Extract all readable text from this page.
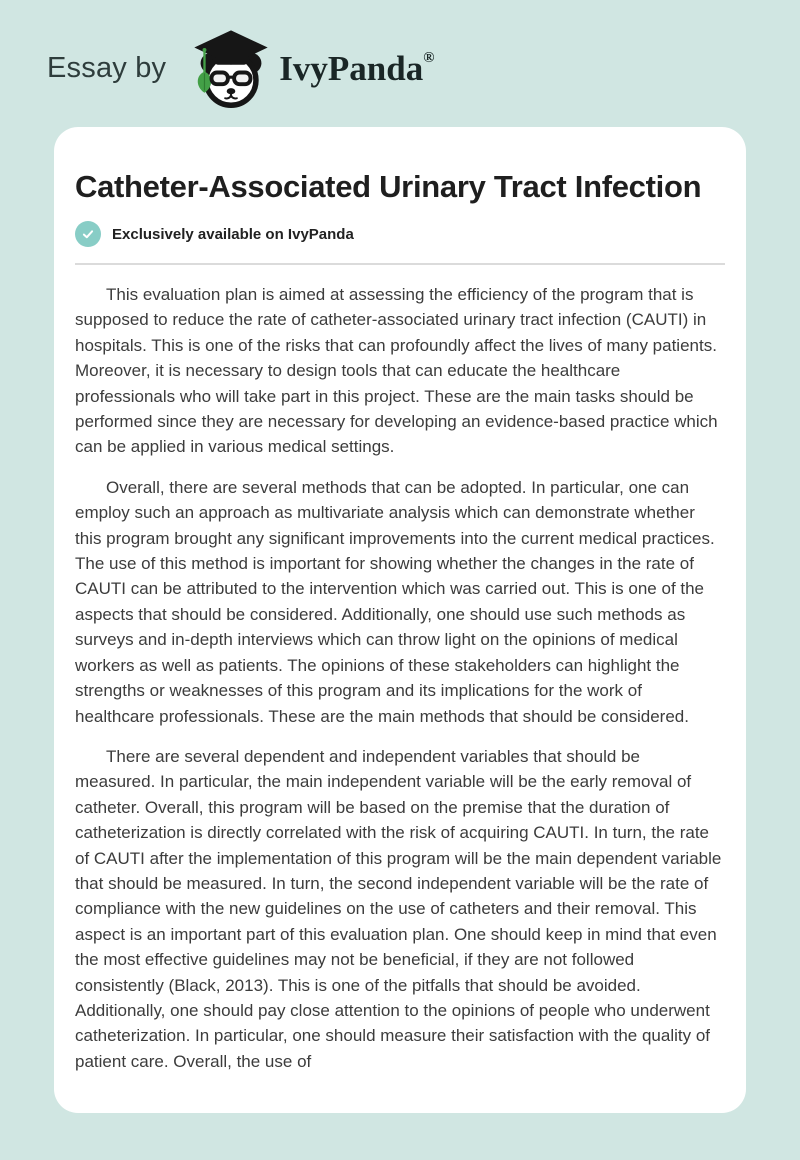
Essay by	IvyPanda®
Catheter-Associated Urinary Tract Infection
Exclusively available on IvyPanda

This evaluation plan is aimed at assessing the efficiency of the program that is supposed to reduce the rate of catheter-associated urinary tract infection (CAUTI) in hospitals. This is one of the risks that can profoundly affect the lives of many patients. Moreover, it is necessary to design tools that can educate the healthcare professionals who will take part in this project. These are the main tasks should be performed since they are necessary for developing an evidence-based practice which can be applied in various medical settings.

Overall, there are several methods that can be adopted. In particular, one can employ such an approach as multivariate analysis which can demonstrate whether this program brought any significant improvements into the current medical practices. The use of this method is important for showing whether the changes in the rate of CAUTI can be attributed to the intervention which was carried out. This is one of the aspects that should be considered. Additionally, one should use such methods as surveys and in-depth interviews which can throw light on the opinions of medical workers as well as patients. The opinions of these stakeholders can highlight the strengths or weaknesses of this program and its implications for the work of healthcare professionals. These are the main methods that should be considered.

There are several dependent and independent variables that should be measured. In particular, the main independent variable will be the early removal of catheter. Overall, this program will be based on the premise that the duration of catheterization is directly correlated with the risk of acquiring CAUTI. In turn, the rate of CAUTI after the implementation of this program will be the main dependent variable that should be measured. In turn, the second independent variable will be the rate of compliance with the new guidelines on the use of catheters and their removal. This aspect is an important part of this evaluation plan. One should keep in mind that even the most effective guidelines may not be beneficial, if they are not followed consistently (Black, 2013). This is one of the pitfalls that should be avoided. Additionally, one should pay close attention to the opinions of people who underwent catheterization. In particular, one should measure their satisfaction with the quality of patient care. Overall, the use of
